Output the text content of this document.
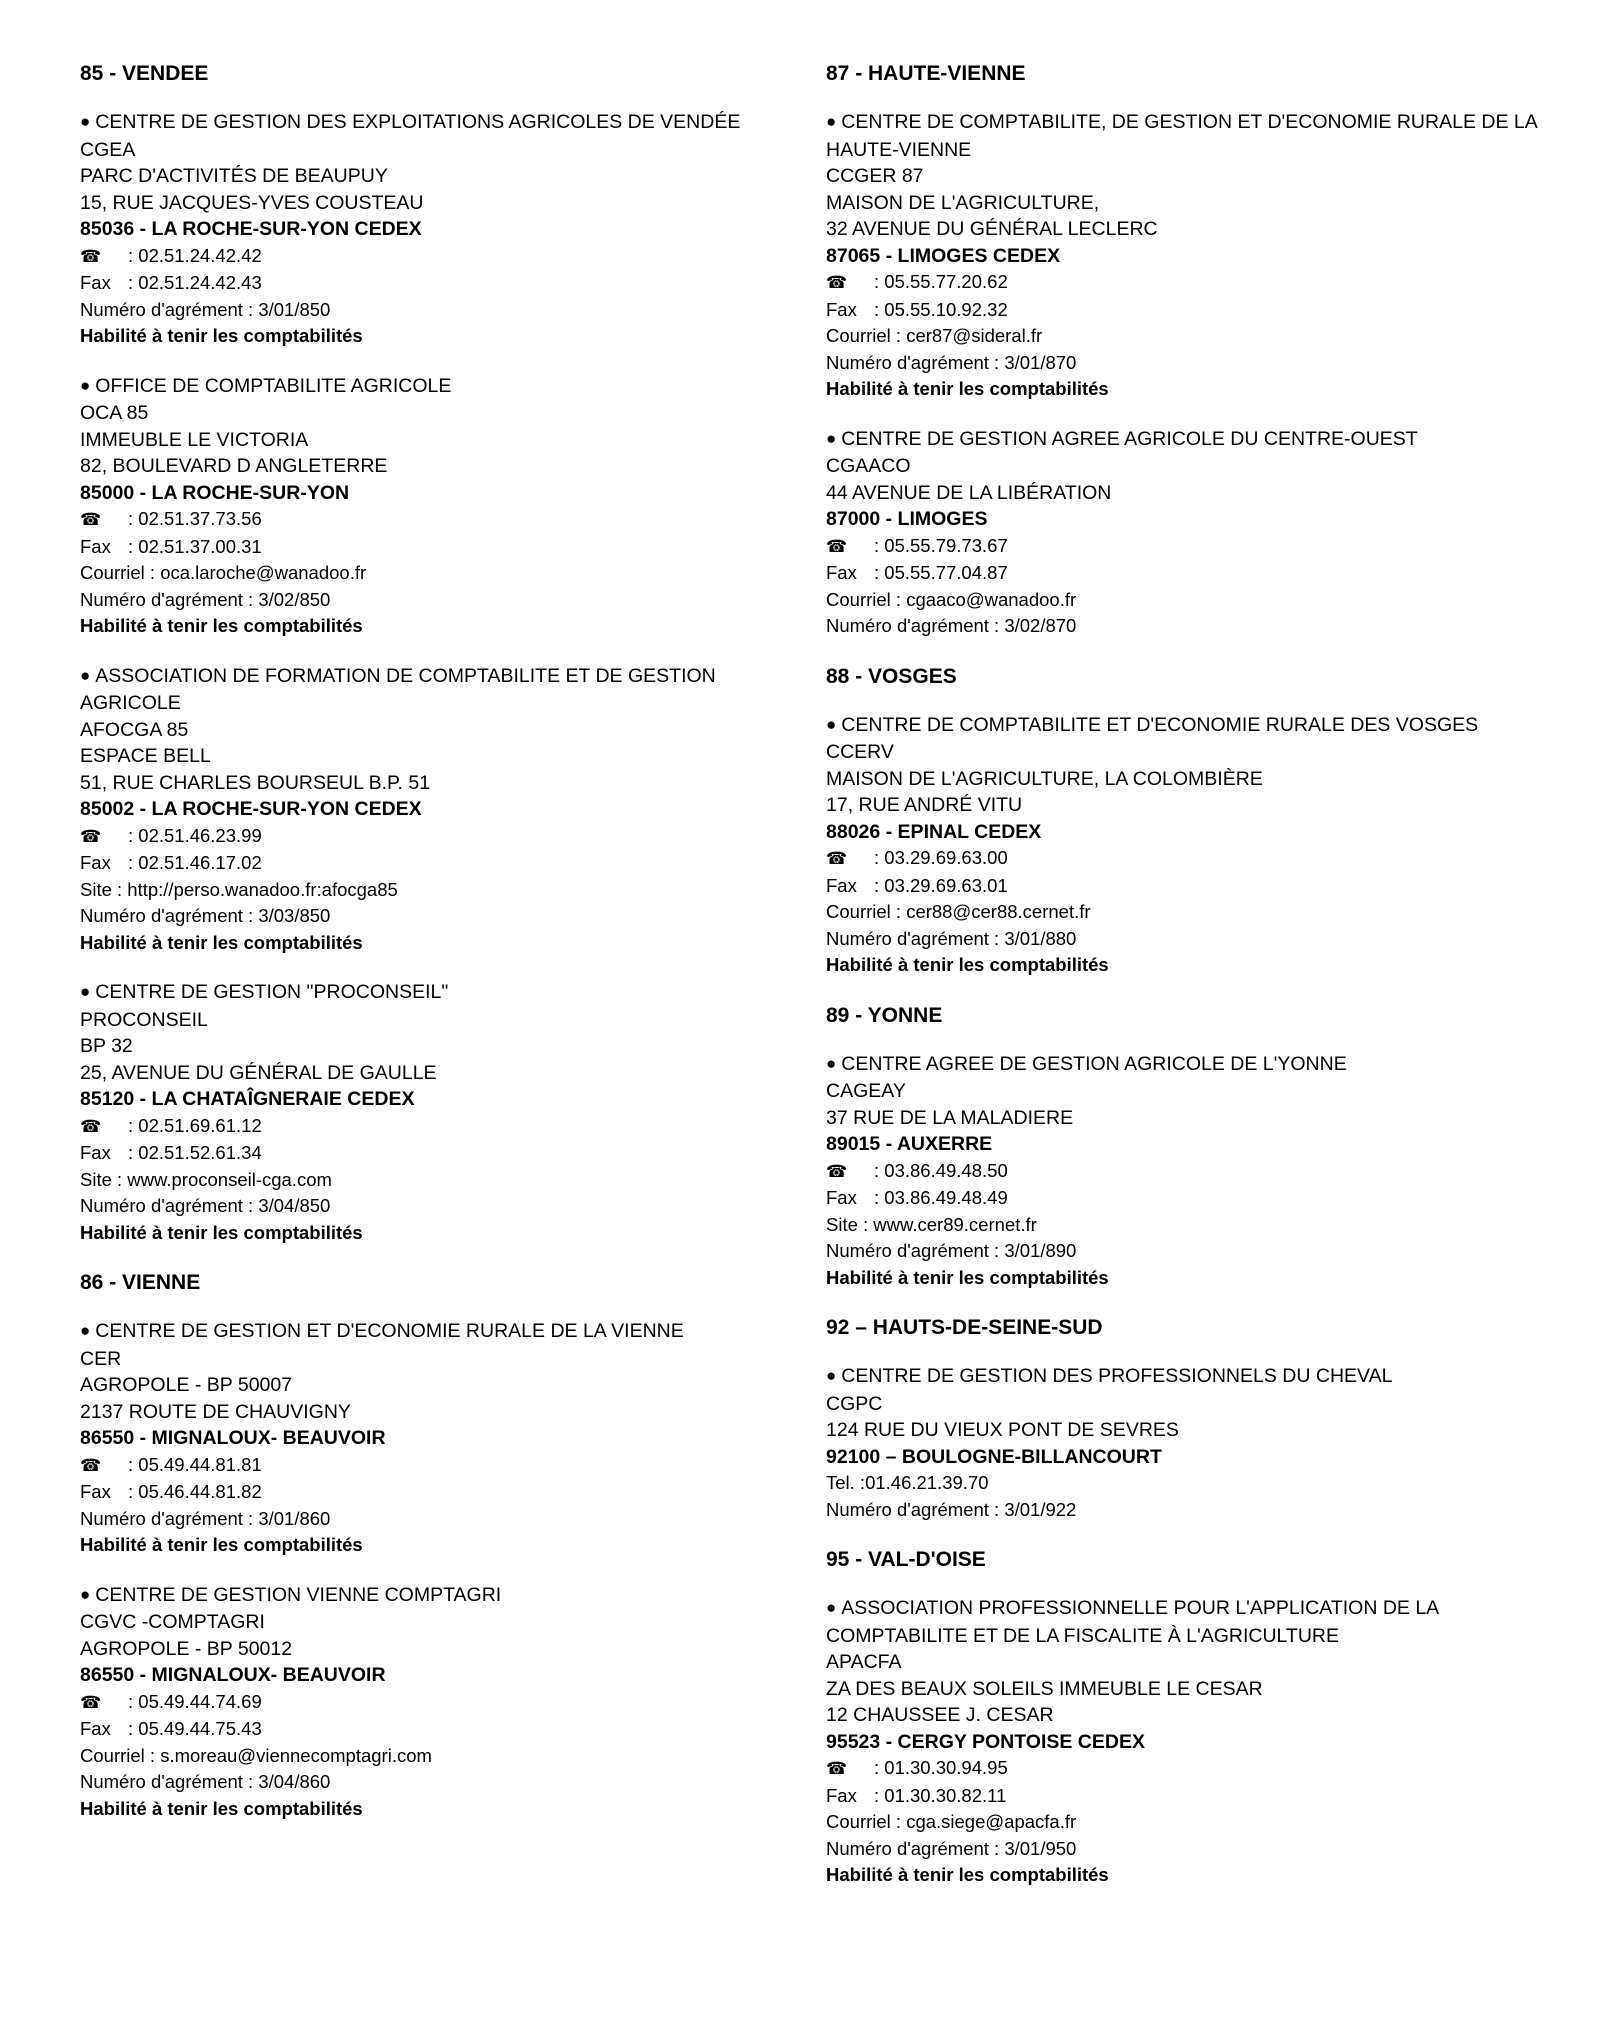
85 - VENDEE
● CENTRE DE GESTION DES EXPLOITATIONS AGRICOLES DE VENDÉE
CGEA
PARC D'ACTIVITÉS DE BEAUPUY
15, RUE JACQUES-YVES COUSTEAU
85036 - LA ROCHE-SUR-YON CEDEX
☎ : 02.51.24.42.42
Fax : 02.51.24.42.43
Numéro d'agrément : 3/01/850
Habilité à tenir les comptabilités
● OFFICE DE COMPTABILITE AGRICOLE
OCA 85
IMMEUBLE LE VICTORIA
82, BOULEVARD D ANGLETERRE
85000 - LA ROCHE-SUR-YON
☎ : 02.51.37.73.56
Fax : 02.51.37.00.31
Courriel : oca.laroche@wanadoo.fr
Numéro d'agrément : 3/02/850
Habilité à tenir les comptabilités
● ASSOCIATION DE FORMATION DE COMPTABILITE ET DE GESTION AGRICOLE
AFOCGA 85
ESPACE BELL
51, RUE CHARLES BOURSEUL B.P. 51
85002 - LA ROCHE-SUR-YON CEDEX
☎ : 02.51.46.23.99
Fax : 02.51.46.17.02
Site : http://perso.wanadoo.fr:afocga85
Numéro d'agrément : 3/03/850
Habilité à tenir les comptabilités
● CENTRE DE GESTION "PROCONSEIL"
PROCONSEIL
BP 32
25, AVENUE DU GÉNÉRAL DE GAULLE
85120 - LA CHATAÎGNERAIE CEDEX
☎ : 02.51.69.61.12
Fax : 02.51.52.61.34
Site : www.proconseil-cga.com
Numéro d'agrément : 3/04/850
Habilité à tenir les comptabilités
86 - VIENNE
● CENTRE DE GESTION ET D'ECONOMIE RURALE DE LA VIENNE
CER
AGROPOLE - BP 50007
2137 ROUTE DE CHAUVIGNY
86550 - MIGNALOUX- BEAUVOIR
☎ : 05.49.44.81.81
Fax : 05.46.44.81.82
Numéro d'agrément : 3/01/860
Habilité à tenir les comptabilités
● CENTRE DE GESTION VIENNE COMPTAGRI
CGVC -COMPTAGRI
AGROPOLE - BP 50012
86550 - MIGNALOUX- BEAUVOIR
☎ : 05.49.44.74.69
Fax : 05.49.44.75.43
Courriel : s.moreau@viennecomptagri.com
Numéro d'agrément : 3/04/860
Habilité à tenir les comptabilités
87 - HAUTE-VIENNE
● CENTRE DE COMPTABILITE, DE GESTION ET D'ECONOMIE RURALE DE LA HAUTE-VIENNE
CCGER 87
MAISON DE L'AGRICULTURE,
32 AVENUE DU GÉNÉRAL LECLERC
87065 - LIMOGES CEDEX
☎ : 05.55.77.20.62
Fax : 05.55.10.92.32
Courriel : cer87@sideral.fr
Numéro d'agrément : 3/01/870
Habilité à tenir les comptabilités
● CENTRE DE GESTION AGREE AGRICOLE DU CENTRE-OUEST
CGAACO
44 AVENUE DE LA LIBÉRATION
87000 - LIMOGES
☎ : 05.55.79.73.67
Fax : 05.55.77.04.87
Courriel : cgaaco@wanadoo.fr
Numéro d'agrément : 3/02/870
88 - VOSGES
● CENTRE DE COMPTABILITE ET D'ECONOMIE RURALE DES VOSGES
CCERV
MAISON DE L'AGRICULTURE, LA COLOMBIÈRE
17, RUE ANDRÉ VITU
88026 - EPINAL CEDEX
☎ : 03.29.69.63.00
Fax : 03.29.69.63.01
Courriel : cer88@cer88.cernet.fr
Numéro d'agrément : 3/01/880
Habilité à tenir les comptabilités
89 - YONNE
● CENTRE AGREE DE GESTION AGRICOLE DE L'YONNE
CAGEAY
37 RUE DE LA MALADIERE
89015 - AUXERRE
☎ : 03.86.49.48.50
Fax : 03.86.49.48.49
Site : www.cer89.cernet.fr
Numéro d'agrément : 3/01/890
Habilité à tenir les comptabilités
92 – HAUTS-DE-SEINE-SUD
● CENTRE DE GESTION DES PROFESSIONNELS DU CHEVAL
CGPC
124 RUE DU VIEUX PONT DE SEVRES
92100 – BOULOGNE-BILLANCOURT
Tel. :01.46.21.39.70
Numéro d'agrément : 3/01/922
95 - VAL-D'OISE
● ASSOCIATION PROFESSIONNELLE POUR L'APPLICATION DE LA COMPTABILITE ET DE LA FISCALITE À L'AGRICULTURE
APACFA
ZA DES BEAUX SOLEILS IMMEUBLE LE CESAR
12 CHAUSSEE J. CESAR
95523 - CERGY PONTOISE CEDEX
☎ : 01.30.30.94.95
Fax : 01.30.30.82.11
Courriel : cga.siege@apacfa.fr
Numéro d'agrément : 3/01/950
Habilité à tenir les comptabilités
